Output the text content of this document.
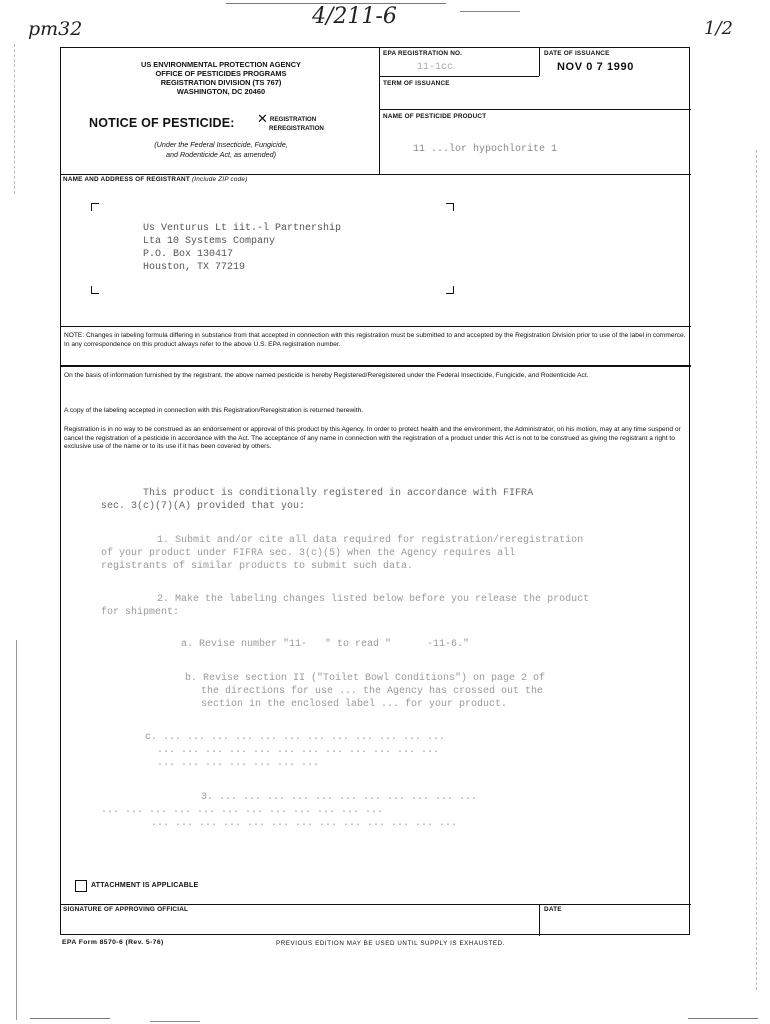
pm32	4/211-6	1/2
US ENVIRONMENTAL PROTECTION AGENCY
OFFICE OF PESTICIDES PROGRAMS
REGISTRATION DIVISION (TS 767)
WASHINGTON, DC 20460
NOTICE OF PESTICIDE: ✕ REGISTRATION
REREGISTRATION
(Under the Federal Insecticide, Fungicide,
and Rodenticide Act, as amended)
EPA REGISTRATION NO.
11-1cc
DATE OF ISSUANCE
NOV 0 7 1990
TERM OF ISSUANCE
NAME OF PESTICIDE PRODUCT
11 ...lor hypochlorite 1
NAME AND ADDRESS OF REGISTRANT (Include ZIP code)
Us Venturus Lt iit.-l Partnership
Lta 10 Systems Company
P.O. Box 130417
Houston, TX 77219
NOTE: Changes in labeling formula differing in substance from that accepted in connection with this registration must be submitted to and accepted by the Registration Division prior to use of the label in commerce. In any correspondence on this product always refer to the above U.S. EPA registration number.
On the basis of information furnished by the registrant, the above named pesticide is hereby Registered/Reregistered under the Federal Insecticide, Fungicide, and Rodenticide Act.
A copy of the labeling accepted in connection with this Registration/Reregistration is returned herewith.
Registration is in no way to be construed as an endorsement or approval of this product by this Agency. In order to protect health and the environment, the Administrator, on his motion, may at any time suspend or cancel the registration of a pesticide in accordance with the Act. The acceptance of any name in connection with the registration of a product under this Act is not to be construed as giving the registrant a right to exclusive use of the name or to its use if it has been covered by others.
This product is conditionally registered in accordance with FIFRA
sec. 3(c)(7)(A) provided that you:
1. Submit and/or cite all data required for registration/reregistration
of your product under FIFRA sec. 3(c)(5) when the Agency requires all
registrants of similar products to submit such data.
2. Make the labeling changes listed below before you release the product
for shipment:
a. Revise number "11-   " to read "      -11-6."
b. Revise section II ("Toilet Bowl Conditions") on page 2 of
the directions for use ... the Agency has crossed out the
section in the enclosed label ... for your product.
c. ... ... ... ... ... ... ... ... ... ... ... ...
... ... ... ... ... ... ... ... ... ... ... ...
... ... ... ... ... ... ...
3. ... ... ... ... ... ... ... ... ... ... ...
... ... ... ... ... ... ... ... ... ... ... ...
... ... ... ... ... ... ... ... ... ... ... ... ...
ATTACHMENT IS APPLICABLE
SIGNATURE OF APPROVING OFFICIAL	DATE
EPA Form 8570-6 (Rev. 5-76)	PREVIOUS EDITION MAY BE USED UNTIL SUPPLY IS EXHAUSTED.
